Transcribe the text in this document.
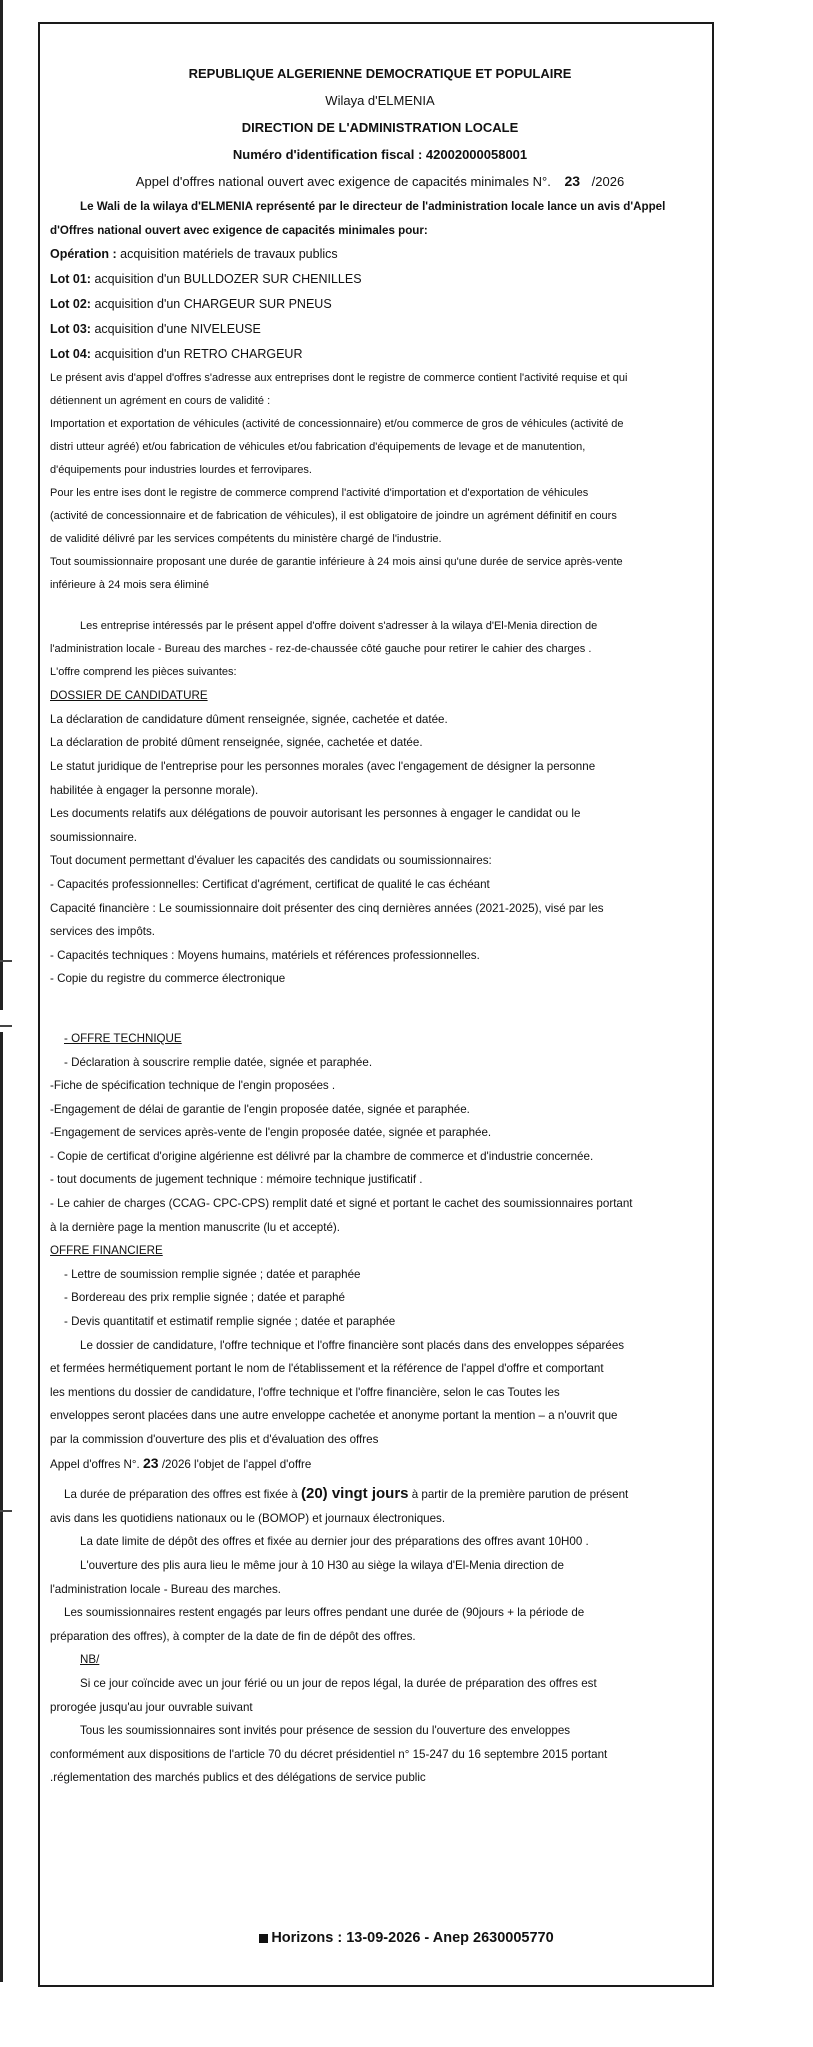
REPUBLIQUE ALGERIENNE DEMOCRATIQUE ET POPULAIRE
Wilaya d'ELMENIA
DIRECTION DE L'ADMINISTRATION LOCALE
Numéro d'identification fiscal : 42002000058001
Appel d'offres national ouvert avec exigence de capacités minimales N°. 23 /2026
Le Wali de la wilaya d'ELMENIA représenté par le directeur de l'administration locale lance un avis d'Appel
d'Offres national ouvert avec exigence de capacités minimales pour:
Opération : acquisition matériels de travaux publics
Lot 01: acquisition d'un BULLDOZER SUR CHENILLES
Lot 02: acquisition d'un CHARGEUR SUR PNEUS
Lot 03: acquisition d'une NIVELEUSE
Lot 04: acquisition d'un RETRO CHARGEUR
Le présent avis d'appel d'offres s'adresse aux entreprises dont le registre de commerce contient l'activité requise et qui
détiennent un agrément en cours de validité :
Importation et exportation de véhicules (activité de concessionnaire) et/ou commerce de gros de véhicules (activité de
distri utteur agréé) et/ou fabrication de véhicules et/ou fabrication d'équipements de levage et de manutention,
d'équipements pour industries lourdes et ferrovipares.
Pour les entre ises dont le registre de commerce comprend l'activité d'importation et d'exportation de véhicules
(activité de concessionnaire et de fabrication de véhicules), il est obligatoire de joindre un agrément définitif en cours
de validité délivré par les services compétents du ministère chargé de l'industrie.
Tout soumissionnaire proposant une durée de garantie inférieure à 24 mois ainsi qu'une durée de service après-vente
inférieure à 24 mois sera éliminé
Les entreprise intéressés par le présent appel d'offre doivent s'adresser à la wilaya d'El-Menia direction de
l'administration locale - Bureau des marches - rez-de-chaussée côté gauche pour retirer le cahier des charges .
L'offre comprend les pièces suivantes:
DOSSIER DE CANDIDATURE
La déclaration de candidature dûment renseignée, signée, cachetée et datée.
La déclaration de probité dûment renseignée, signée, cachetée et datée.
Le statut juridique de l'entreprise pour les personnes morales (avec l'engagement de désigner la personne
habilitée à engager la personne morale).
Les documents relatifs aux délégations de pouvoir autorisant les personnes à engager le candidat ou le
soumissionnaire.
Tout document permettant d'évaluer les capacités des candidats ou soumissionnaires:
- Capacités professionnelles: Certificat d'agrément, certificat de qualité le cas échéant
Capacité financière : Le soumissionnaire doit présenter des cinq dernières années (2021-2025), visé par les
services des impôts.
- Capacités techniques : Moyens humains, matériels et références professionnelles.
- Copie du registre du commerce électronique
- OFFRE TECHNIQUE
- Déclaration à souscrire remplie datée, signée et paraphée.
-Fiche de spécification technique de l'engin proposées .
-Engagement de délai de garantie de l'engin proposée datée, signée et paraphée.
-Engagement de services après-vente de l'engin proposée datée, signée et paraphée.
- Copie de certificat d'origine algérienne est délivré par la chambre de commerce et d'industrie concernée.
- tout documents de jugement technique : mémoire technique justificatif .
- Le cahier de charges (CCAG- CPC-CPS) remplit daté et signé et portant le cachet des soumissionnaires portant
à la dernière page la mention manuscrite (lu et accepté).
OFFRE FINANCIERE
- Lettre de soumission remplie signée ; datée et paraphée
- Bordereau des prix remplie signée ; datée et paraphé
- Devis quantitatif et estimatif remplie signée ; datée et paraphée
Le dossier de candidature, l'offre technique et l'offre financière sont placés dans des enveloppes séparées
et fermées hermétiquement portant le nom de l'établissement et la référence de l'appel d'offre et comportant
les mentions du dossier de candidature, l'offre technique et l'offre financière, selon le cas Toutes les
enveloppes seront placées dans une autre enveloppe cachetée et anonyme portant la mention – a n'ouvrit que
par la commission d'ouverture des plis et d'évaluation des offres
Appel d'offres N°. 23 /2026 l'objet de l'appel d'offre
La durée de préparation des offres est fixée à (20) vingt jours à partir de la première parution de présent
avis dans les quotidiens nationaux ou le (BOMOP) et journaux électroniques.
La date limite de dépôt des offres et fixée au dernier jour des préparations des offres avant 10H00 .
L'ouverture des plis aura lieu le même jour à 10 H30 au siège la wilaya d'El-Menia direction de
l'administration locale - Bureau des marches.
Les soumissionnaires restent engagés par leurs offres pendant une durée de (90jours + la période de
préparation des offres), à compter de la date de fin de dépôt des offres.
NB/
Si ce jour coïncide avec un jour férié ou un jour de repos légal, la durée de préparation des offres est
prorogée jusqu'au jour ouvrable suivant
Tous les soumissionnaires sont invités pour présence de session du l'ouverture des enveloppes
conformément aux dispositions de l'article 70 du décret présidentiel n° 15-247 du 16 septembre 2015 portant
.réglementation des marchés publics et des délégations de service public
Horizons : 13-09-2026 - Anep 2630005770
